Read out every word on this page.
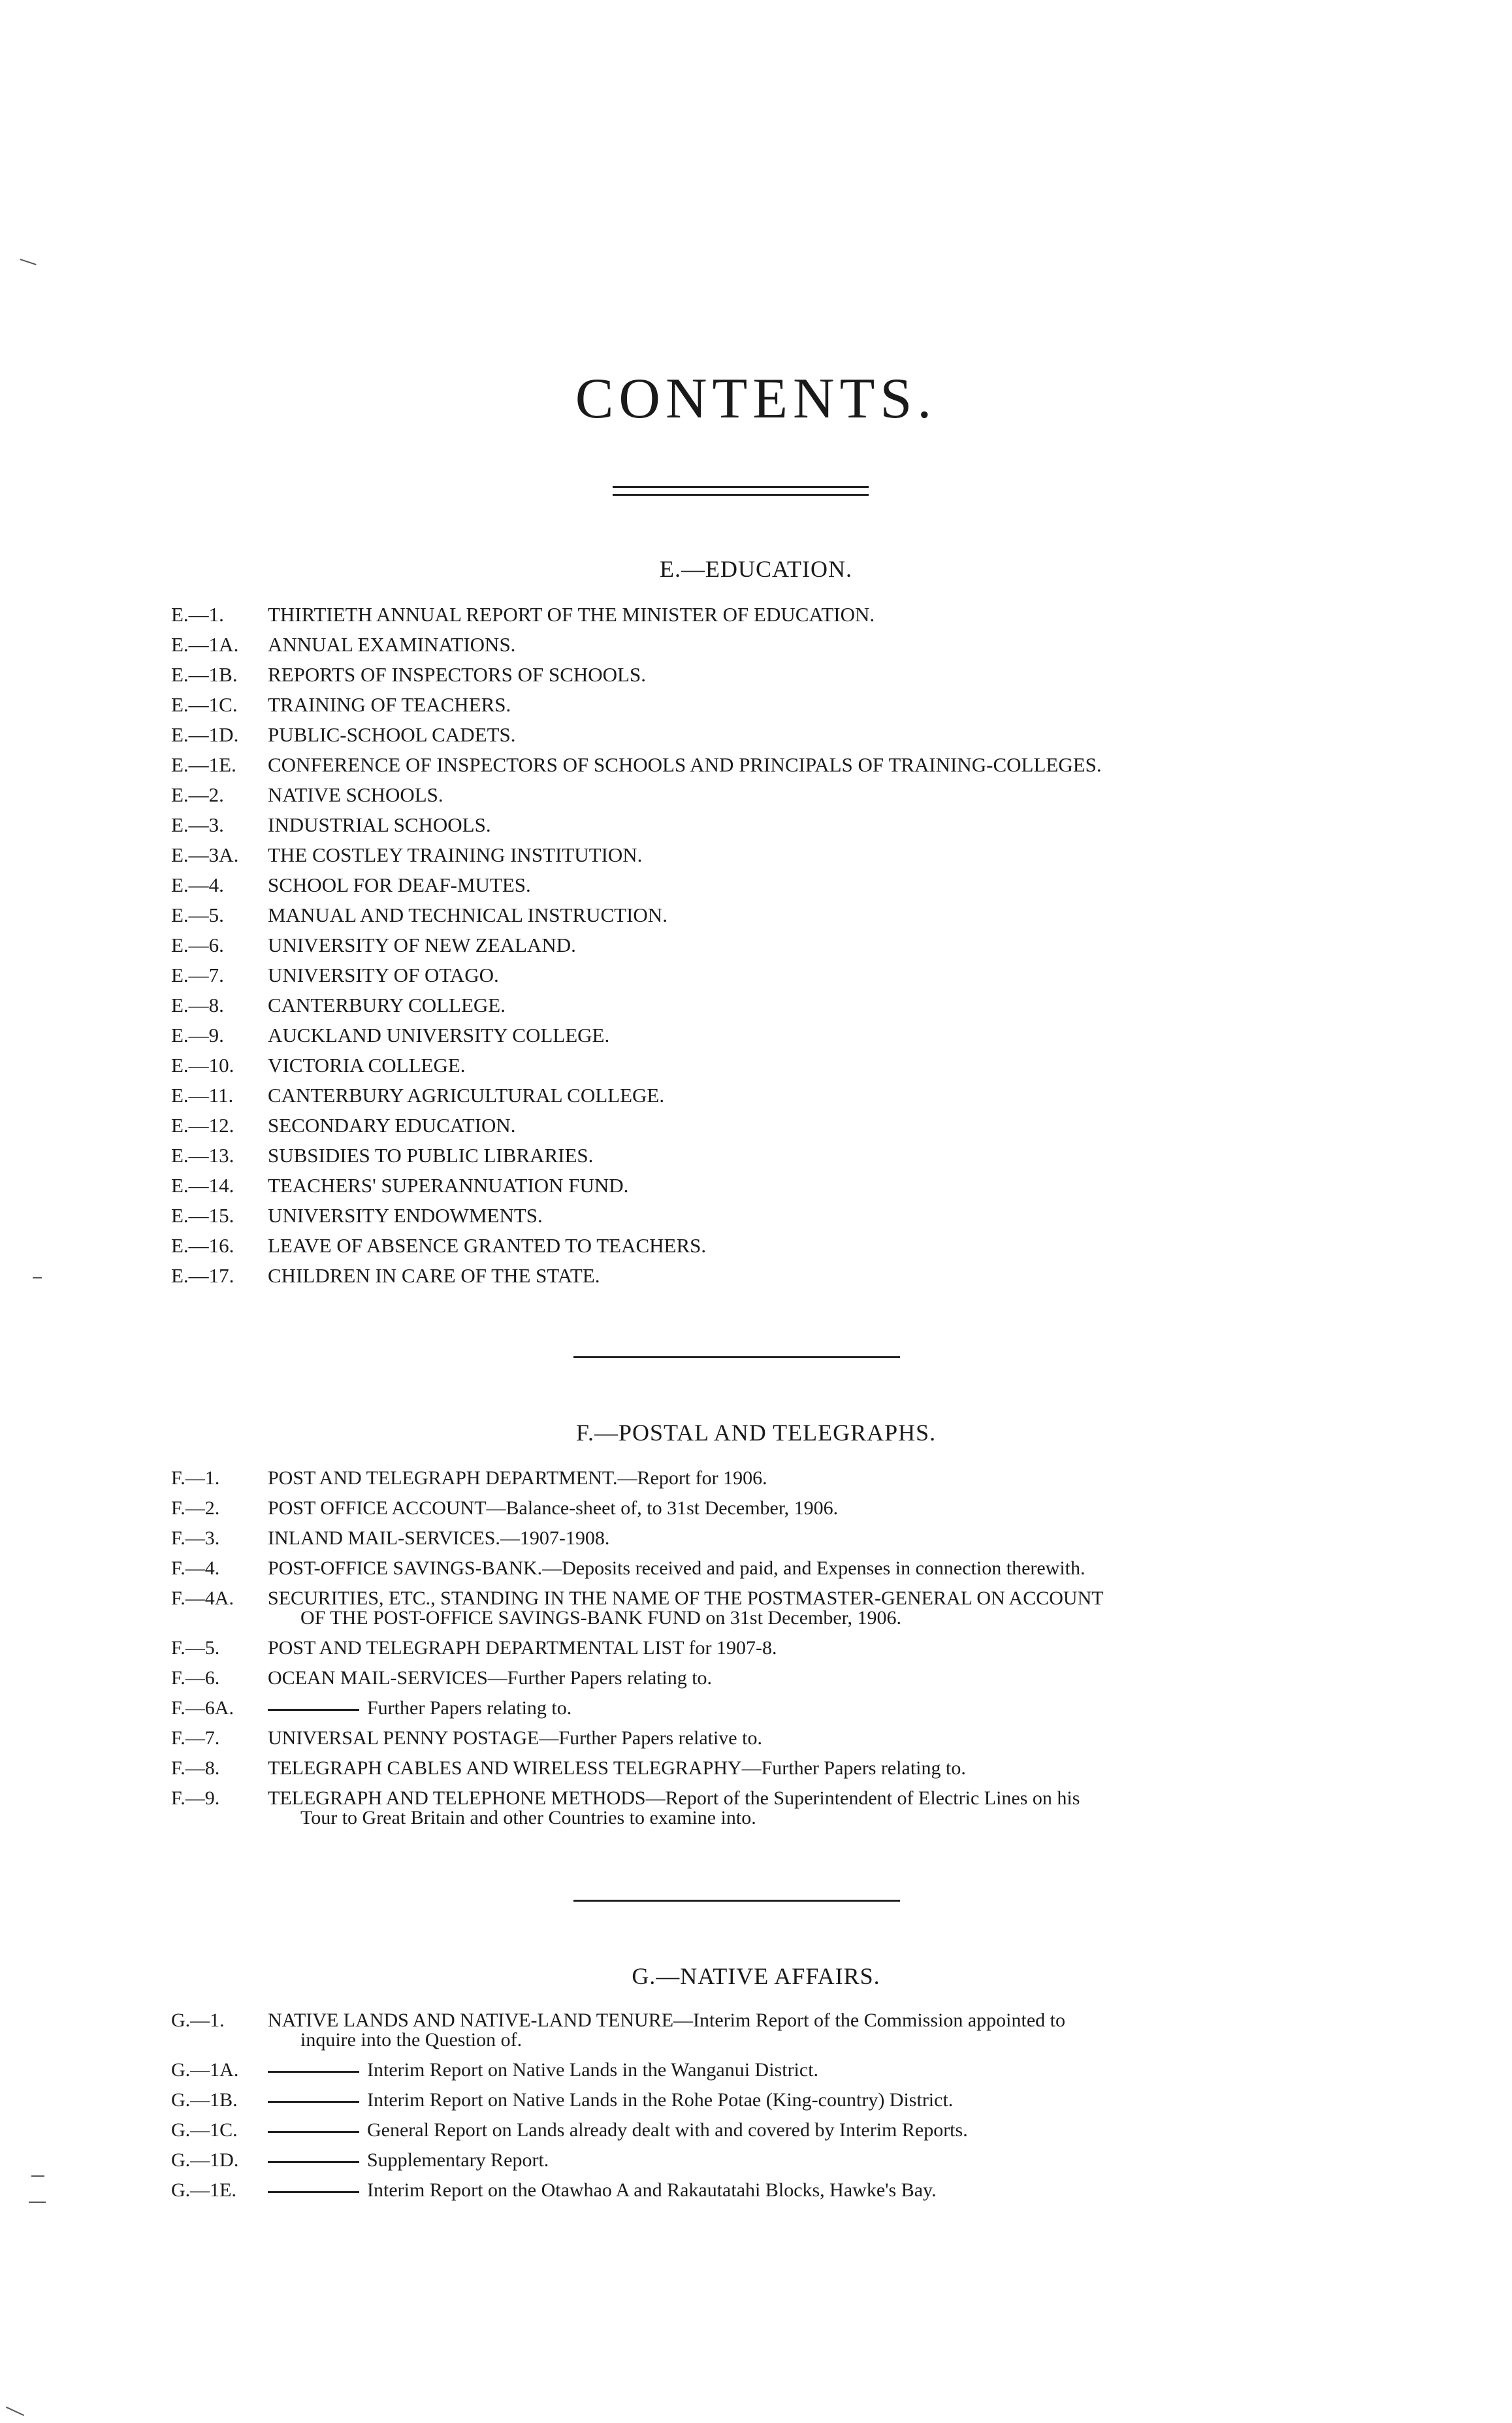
CONTENTS.
E.—EDUCATION.
E.—1.	THIRTIETH ANNUAL REPORT OF THE MINISTER OF EDUCATION.
E.—1A.	ANNUAL EXAMINATIONS.
E.—1B.	REPORTS OF INSPECTORS OF SCHOOLS.
E.—1C.	TRAINING OF TEACHERS.
E.—1D.	PUBLIC-SCHOOL CADETS.
E.—1E.	CONFERENCE OF INSPECTORS OF SCHOOLS AND PRINCIPALS OF TRAINING-COLLEGES.
E.—2.	NATIVE SCHOOLS.
E.—3.	INDUSTRIAL SCHOOLS.
E.—3A.	THE COSTLEY TRAINING INSTITUTION.
E.—4.	SCHOOL FOR DEAF-MUTES.
E.—5.	MANUAL AND TECHNICAL INSTRUCTION.
E.—6.	UNIVERSITY OF NEW ZEALAND.
E.—7.	UNIVERSITY OF OTAGO.
E.—8.	CANTERBURY COLLEGE.
E.—9.	AUCKLAND UNIVERSITY COLLEGE.
E.—10.	VICTORIA COLLEGE.
E.—11.	CANTERBURY AGRICULTURAL COLLEGE.
E.—12.	SECONDARY EDUCATION.
E.—13.	SUBSIDIES TO PUBLIC LIBRARIES.
E.—14.	TEACHERS' SUPERANNUATION FUND.
E.—15.	UNIVERSITY ENDOWMENTS.
E.—16.	LEAVE OF ABSENCE GRANTED TO TEACHERS.
E.—17.	CHILDREN IN CARE OF THE STATE.
F.—POSTAL AND TELEGRAPHS.
F.—1.	POST AND TELEGRAPH DEPARTMENT.—Report for 1906.
F.—2.	POST OFFICE ACCOUNT—Balance-sheet of, to 31st December, 1906.
F.—3.	INLAND MAIL-SERVICES.—1907-1908.
F.—4.	POST-OFFICE SAVINGS-BANK.—Deposits received and paid, and Expenses in connection therewith.
F.—4A.	SECURITIES, ETC., STANDING IN THE NAME OF THE POSTMASTER-GENERAL ON ACCOUNT
OF THE POST-OFFICE SAVINGS-BANK FUND on 31st December, 1906.
F.—5.	POST AND TELEGRAPH DEPARTMENTAL LIST for 1907-8.
F.—6.	OCEAN MAIL-SERVICES—Further Papers relating to.
F.—6A.	Further Papers relating to.
F.—7.	UNIVERSAL PENNY POSTAGE—Further Papers relative to.
F.—8.	TELEGRAPH CABLES AND WIRELESS TELEGRAPHY—Further Papers relating to.
F.—9.	TELEGRAPH AND TELEPHONE METHODS—Report of the Superintendent of Electric Lines on his
Tour to Great Britain and other Countries to examine into.
G.—NATIVE AFFAIRS.
G.—1.	NATIVE LANDS AND NATIVE-LAND TENURE—Interim Report of the Commission appointed to
inquire into the Question of.
G.—1A.	Interim Report on Native Lands in the Wanganui District.
G.—1B.	Interim Report on Native Lands in the Rohe Potae (King-country) District.
G.—1C.	General Report on Lands already dealt with and covered by Interim Reports.
G.—1D.	Supplementary Report.
G.—1E.	Interim Report on the Otawhao A and Rakautatahi Blocks, Hawke's Bay.
